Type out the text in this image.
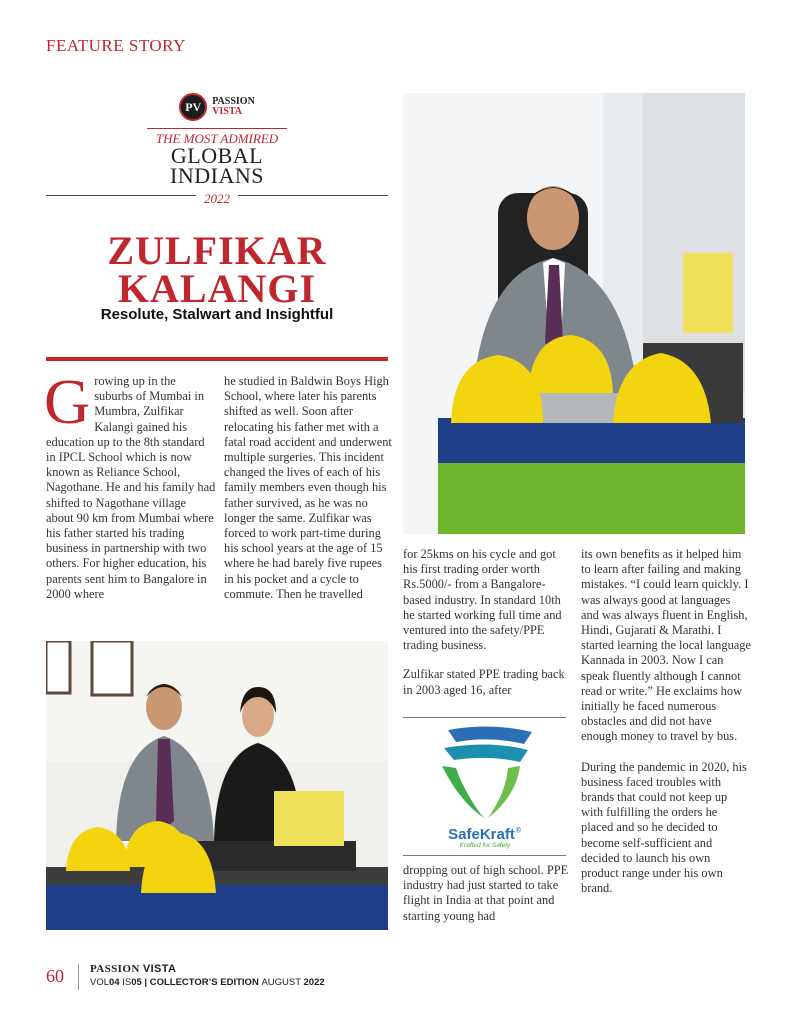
FEATURE STORY
PV	PASSION
VISTA
THE MOST ADMIRED
GLOBAL
INDIANS
2022
ZULFIKAR
KALANGI
Resolute, Stalwart and Insightful
G rowing up in the suburbs of Mumbai in Mumbra, Zulfikar Kalangi gained his education up to the 8th standard in IPCL School which is now known as Reliance School, Nagothane. He and his family had shifted to Nagothane village about 90 km from Mumbai where his father started his trading business in partnership with two others. For higher education, his parents sent him to Bangalore in 2000 where

he studied in Baldwin Boys High School, where later his parents shifted as well. Soon after relocating his father met with a fatal road accident and underwent multiple surgeries. This incident changed the lives of each of his family members even though his father survived, as he was no longer the same. Zulfikar was forced to work part-time during his school years at the age of 15 where he had barely five rupees in his pocket and a cycle to commute. Then he travelled

for 25kms on his cycle and got his first trading order worth Rs.5000/- from a Bangalore-based industry. In standard 10th he started working full time and ventured into the safety/PPE trading business.

Zulfikar stated PPE trading back in 2003 aged 16, after

dropping out of high school. PPE industry had just started to take flight in India at that point and starting young had

SafeKraft®
Krafted for Safety

its own benefits as it helped him to learn after failing and making mistakes. “I could learn quickly. I was always good at languages and was always fluent in English, Hindi, Gujarati & Marathi. I started learning the local language Kannada in 2003. Now I can speak fluently although I cannot read or write.” He exclaims how initially he faced numerous obstacles and did not have enough money to travel by bus.

During the pandemic in 2020, his business faced troubles with brands that could not keep up with fulfilling the orders he placed and so he decided to become self-sufficient and decided to launch his own product range under his own brand.

60 PASSION VISTA
VOL04 IS05 | COLLECTOR’S EDITION AUGUST 2022
